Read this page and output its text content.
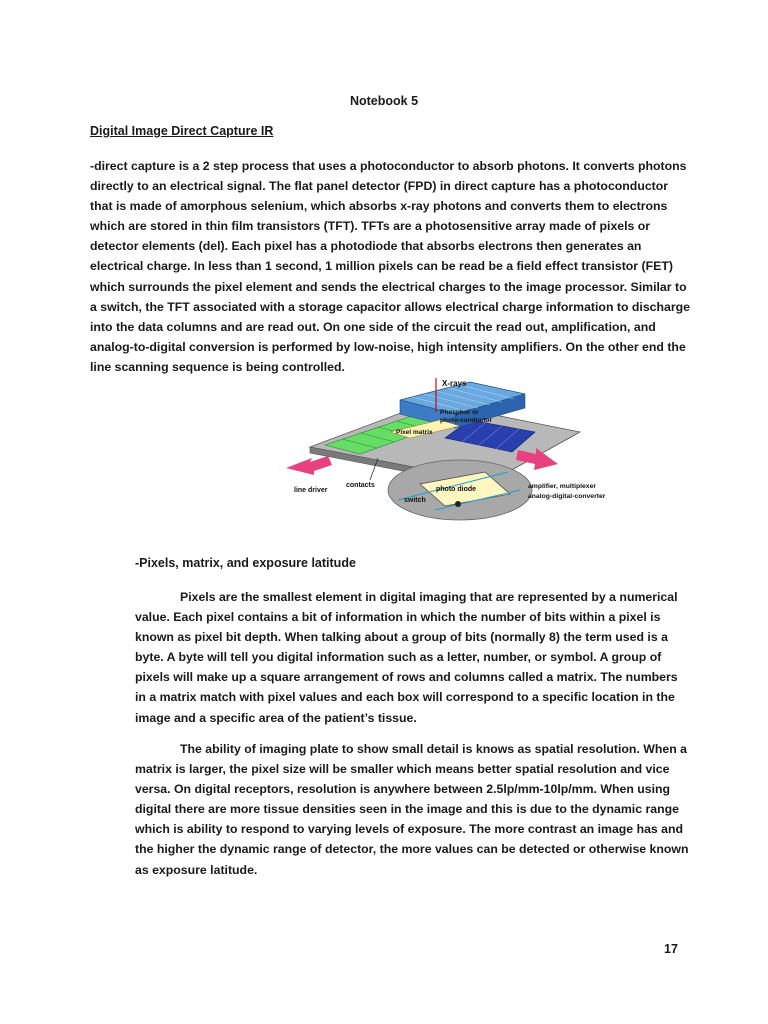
Notebook 5
Digital Image Direct Capture IR

-direct capture is a 2 step process that uses a photoconductor to absorb photons. It converts photons directly to an electrical signal. The flat panel detector (FPD) in direct capture has a photoconductor that is made of amorphous selenium, which absorbs x-ray photons and converts them to electrons which are stored in thin film transistors (TFT). TFTs are a photosensitive array made of pixels or detector elements (del). Each pixel has a photodiode that absorbs electrons then generates an electrical charge. In less than 1 second, 1 million pixels can be read be a field effect transistor (FET) which surrounds the pixel element and sends the electrical charges to the image processor. Similar to a switch, the TFT associated with a storage capacitor allows electrical charge information to discharge into the data columns and are read out. On one side of the circuit the read out, amplification, and analog-to-digital conversion is performed by low-noise, high intensity amplifiers. On the other end the line scanning sequence is being controlled.

X-rays
Phosphor or
photo-conductor
Pixel matrix
line driver
contacts
photo diode
switch
amplifier, multiplexer
analog-digital-converter
-Pixels, matrix, and exposure latitude

Pixels are the smallest element in digital imaging that are represented by a numerical value. Each pixel contains a bit of information in which the number of bits within a pixel is known as pixel bit depth. When talking about a group of bits (normally 8) the term used is a byte. A byte will tell you digital information such as a letter, number, or symbol. A group of pixels will make up a square arrangement of rows and columns called a matrix. The numbers in a matrix match with pixel values and each box will correspond to a specific location in the image and a specific area of the patient’s tissue.

The ability of imaging plate to show small detail is knows as spatial resolution. When a matrix is larger, the pixel size will be smaller which means better spatial resolution and vice versa. On digital receptors, resolution is anywhere between 2.5lp/mm-10lp/mm. When using digital there are more tissue densities seen in the image and this is due to the dynamic range which is ability to respond to varying levels of exposure. The more contrast an image has and the higher the dynamic range of detector, the more values can be detected or otherwise known as exposure latitude.

17
